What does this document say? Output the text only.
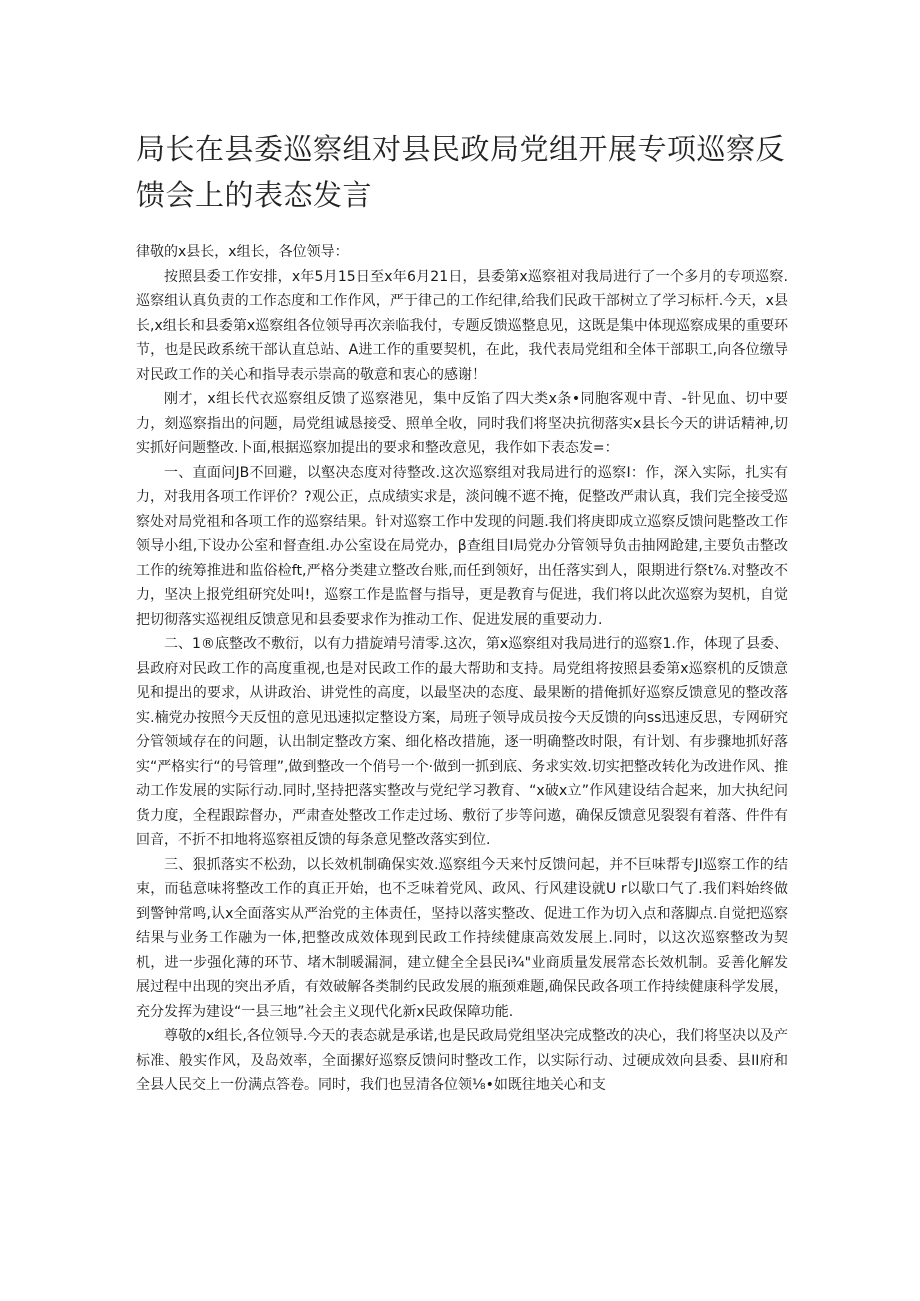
局长在县委巡察组对县民政局党组开展专项巡察反馈会上的表态发言

律敬的x县长，x组长，各位领导：

按照县委工作安排，x年5月15日至x年6月21日，县委第x巡察祖对我局进行了一个多月的专项巡察.巡察组认真负责的工作态度和工作作风，严于律己的工作纪律,给我们民政干部树立了学习标杆.今天，x县长,x组长和县委第x巡察组各位领导再次亲临我付，专题反馈巡整息见，这既是集中体现巡察成果的重要环节，也是民政系统干部认直总站、A进工作的重要契机，在此，我代表局党组和全体干部职工,向各位缴导对民政工作的关心和指导表示崇高的敬意和衷心的感谢！

刚才，x组长代衣巡察组反馈了巡察港见，集中反馅了四大类x条•同胞客观中青、-针见血、切中要力，刻巡察指出的问题，局党组诚恳接受、照单全收，同时我们将坚决抗彻落实x县长今天的讲话精神,切实抓好问题整改.卜面,根据巡察加提出的要求和整改意见，我作如下表态发=：

一、直面问JB不回避，以壑决态度对待整改.这次巡察组对我局进行的巡察I：作，深入实际，扎实有力，对我用各项工作评价？?观公正，点成绩实求是，淡问魄不遮不掩，促整改严肃认真，我们完全接受巡察处对局党祖和各项工作的巡察结果。针对巡察工作中发现的问题.我们将庚即成立巡察反馈问匙整改工作领导小组,下设办公室和督查组.办公室设在局党办，β查组目I局党办分管领导负击抽网跄建,主要负击整改工作的统筹推进和监俗检ft,严格分类建立整改台账,而任到领好，出任落实到人，限期进行祭t⅞.对整改不力，坚决上报党组研究处叫!，巡察工作是监督与指导，更是教育与促进，我们将以此次巡察为契机，自觉把切彻落实巡视组反馈意见和县委要求作为推动工作、促进发展的重要动力.

二、1®底整改不敷衍，以有力措旋靖号清零.这次，第x巡察组对我局进行的巡察1.作，体现了县委、县政府对民政工作的高度重视,也是对民政工作的最大帮助和支持。局党组将按照县委第x巡察机的反馈意见和提出的要求，从讲政治、讲党性的高度，以最坚决的态度、最果断的措俺抓好巡察反馈意见的整改落实.楠党办按照今天反忸的意见迅速拟定整设方案，局班子领导成员按今天反馈的向ss迅速反思，专网研究分管领域存在的问题，认出制定整改方案、细化格改措施，逐一明确整改时限，有计划、有步骤地抓好落实“严格实行“的号管理”,做到整改一个俏号一个·做到一抓到底、务求实效.切实把整改转化为改进作风、推动工作发展的实际行动.同时,坚持把落实整改与党纪学习教育、“x破x立”作风建设结合起来，加大执纪问货力度，全程跟踪督办，严肃查处整改工作走过场、敷衍了步等问遨，确保反馈意见裂裂有着落、件件有回音，不折不扣地将巡察祖反馈的每条意见整改落实到位.

三、狠抓落实不松劲，以长效机制确保实效.巡察组今天来忖反馈问起，并不巨味帮专JI巡察工作的结束，而毡意味将整改工作的真正开始，也不乏味着党风、政风、行风建设就U r以歇口气了.我们料始终做到警钟常鸣,认x全面落实从严治党的主体责任，坚持以落实整改、促进工作为切入点和落脚点.自觉把巡察结果与业务工作融为一体,把整改成效体现到民政工作持续健康高效发展上.同时，以这次巡察整改为契机，进一步强化薄的环节、堵木制暖漏洞，建立健全全县民i¾"业商质量发展常态长效机制。妥善化解发展过程中出现的突出矛盾，有效破解各类制约民政发展的瓶颈难题,确保民政各项工作持续健康科学发展，充分发挥为建设“一县三地”社会主义现代化新x民政保障功能.

尊敬的x组长,各位领导.今天的表态就是承诺,也是民政局党组坚决完成整改的决心，我们将坚决以及产标准、般实作风，及岛效率，全面摞好巡察反馈问时整改工作，以实际行动、过硬成效向县委、县II府和全县人民交上一份满点答卷。同时，我们也昱清各位领⅛•如既往地关心和支
